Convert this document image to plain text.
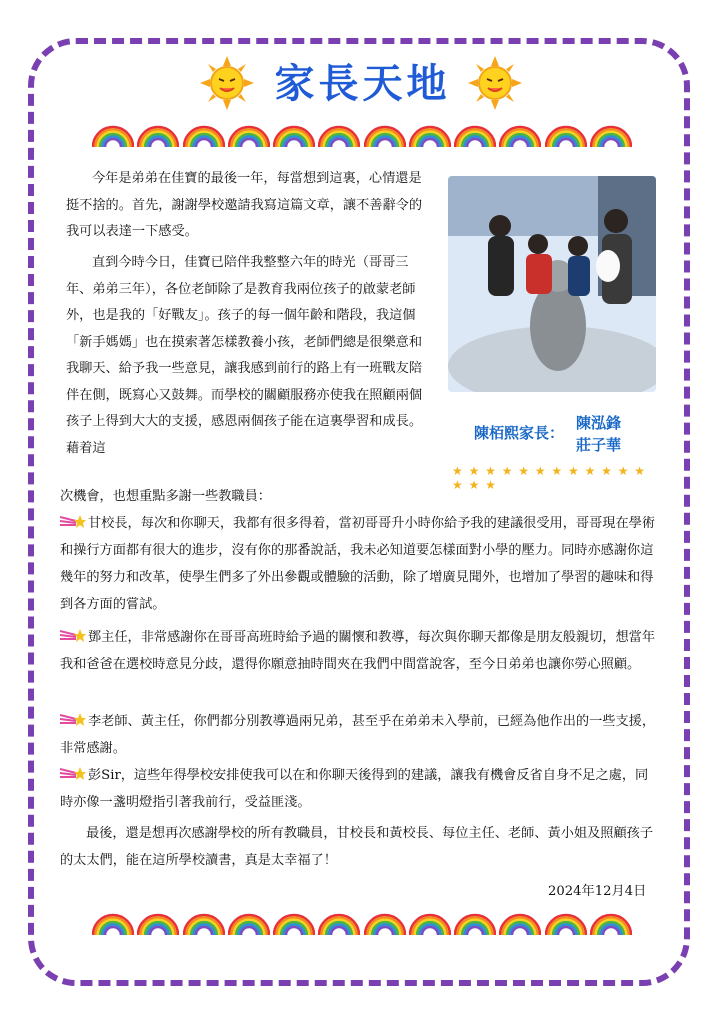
家長天地
陳栢熙家長：
陳泓鋒
莊子華
★ ★ ★ ★ ★ ★ ★ ★ ★ ★ ★ ★ ★ ★ ★
今年是弟弟在佳寶的最後一年，每當想到這裏，心情還是挺不捨的。首先，謝謝學校邀請我寫這篇文章，讓不善辭令的我可以表達一下感受。
直到今時今日，佳寶已陪伴我整整六年的時光（哥哥三年、弟弟三年），各位老師除了是教育我兩位孩子的啟蒙老師外，也是我的「好戰友」。孩子的每一個年齡和階段，我這個「新手媽媽」也在摸索著怎樣教養小孩，老師們總是很樂意和我聊天、給予我一些意見，讓我感到前行的路上有一班戰友陪伴在側，既寫心又鼓舞。而學校的關顧服務亦使我在照顧兩個孩子上得到大大的支援，感恩兩個孩子能在這裏學習和成長。藉着這
次機會，也想重點多謝一些教職員：
甘校長，每次和你聊天，我都有很多得着，當初哥哥升小時你給予我的建議很受用，哥哥現在學術和操行方面都有很大的進步，沒有你的那番說話，我未必知道要怎樣面對小學的壓力。同時亦感謝你這幾年的努力和改革，使學生們多了外出參觀或體驗的活動，除了增廣見聞外，也增加了學習的趣味和得到各方面的嘗試。
鄧主任，非常感謝你在哥哥高班時給予過的關懷和教導，每次與你聊天都像是朋友般親切，想當年我和爸爸在選校時意見分歧，還得你願意抽時間夾在我們中間當說客，至今日弟弟也讓你勞心照顧。
李老師、黃主任，你們都分別教導過兩兄弟，甚至乎在弟弟未入學前，已經為他作出的一些支援，非常感謝。
彭Sir，這些年得學校安排使我可以在和你聊天後得到的建議，讓我有機會反省自身不足之處，同時亦像一盞明燈指引著我前行，受益匪淺。
最後，還是想再次感謝學校的所有教職員，甘校長和黃校長、每位主任、老師、黃小姐及照顧孩子的太太們，能在這所學校讀書，真是太幸福了！
2024年12月4日
